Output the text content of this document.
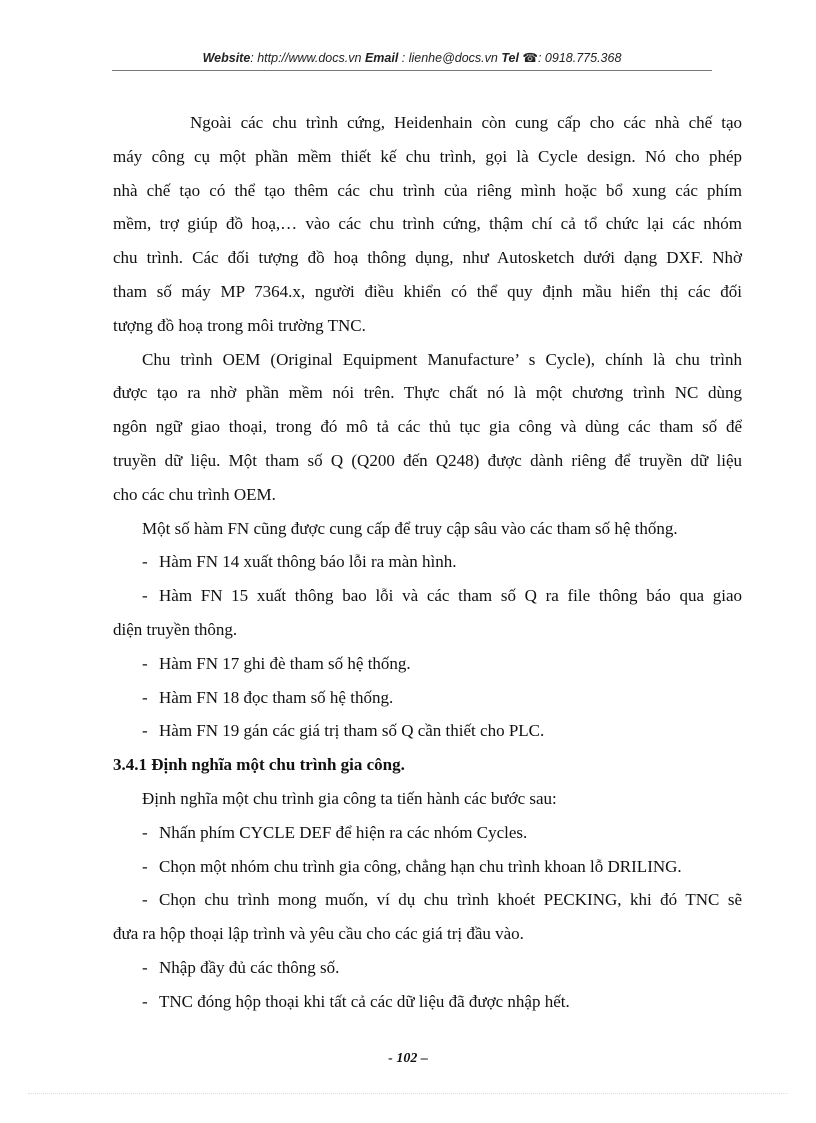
Website: http://www.docs.vn Email : lienhe@docs.vn Tel ☎: 0918.775.368

Ngoài các chu trình cứng, Heidenhain còn cung cấp cho các nhà chế tạo

máy công cụ một phần mềm thiết kế chu trình, gọi là Cycle design. Nó cho phép

nhà chế tạo có thể tạo thêm các chu trình của riêng mình hoặc bổ xung các phím

mềm, trợ giúp đồ hoạ,… vào các chu trình cứng, thậm chí cả tổ chức lại các nhóm

chu trình. Các đối tượng đồ hoạ thông dụng, như Autosketch dưới dạng DXF. Nhờ

tham số máy MP 7364.x, người điều khiển có thể quy định mầu hiển thị các đối

tượng đồ hoạ trong môi trường TNC.

Chu trình OEM (Original Equipment Manufacture’ s Cycle), chính là chu trình

được tạo ra nhờ phần mềm nói trên. Thực chất nó là một chương trình NC dùng

ngôn ngữ giao thoại, trong đó mô tả các thủ tục gia công và dùng các tham số để

truyền dữ liệu. Một tham số Q (Q200 đến Q248) được dành riêng để truyền dữ liệu

cho các chu trình OEM.

Một số hàm FN cũng được cung cấp để truy cập sâu vào các tham số hệ thống.

- Hàm FN 14 xuất thông báo lỗi ra màn hình.

- Hàm FN 15 xuất thông bao lỗi và các tham số Q ra file thông báo qua giao

diện truyền thông.

- Hàm FN 17 ghi đè tham số hệ thống.

- Hàm FN 18 đọc tham số hệ thống.

- Hàm FN 19 gán các giá trị tham số Q cần thiết cho PLC.

3.4.1 Định nghĩa một chu trình gia công.

Định nghĩa một chu trình gia công ta tiến hành các bước sau:

- Nhấn phím CYCLE DEF để hiện ra các nhóm Cycles.

- Chọn một nhóm chu trình gia công, chẳng hạn chu trình khoan lỗ DRILING.

- Chọn chu trình mong muốn, ví dụ chu trình khoét PECKING, khi đó TNC sẽ

đưa ra hộp thoại lập trình và yêu cầu cho các giá trị đầu vào.

- Nhập đầy đủ các thông số.

- TNC đóng hộp thoại khi tất cả các dữ liệu đã được nhập hết.

- 102 –
